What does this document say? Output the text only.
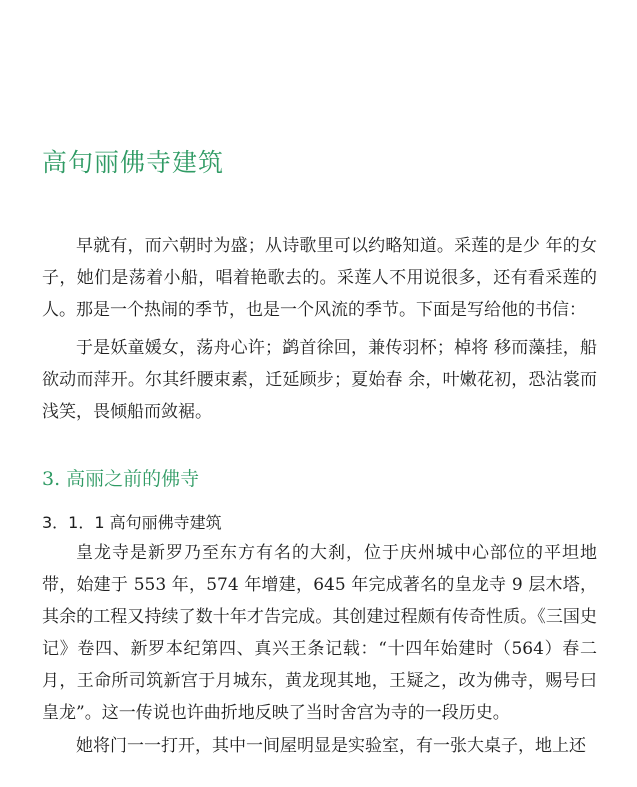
高句丽佛寺建筑

早就有，而六朝时为盛；从诗歌里可以约略知道。采莲的是少 年的女子，她们是荡着小船，唱着艳歌去的。采莲人不用说很多，还有看采莲的人。那是一个热闹的季节，也是一个风流的季节。下面是写给他的书信：

于是妖童媛女，荡舟心许；鹢首徐回，兼传羽杯；棹将 移而藻挂，船欲动而萍开。尔其纤腰束素，迁延顾步；夏始春 余，叶嫩花初，恐沾裳而浅笑，畏倾船而敛裾。

3. 高丽之前的佛寺
3．1．1 高句丽佛寺建筑

皇龙寺是新罗乃至东方有名的大刹，位于庆州城中心部位的平坦地带，始建于 553 年，574 年增建，645 年完成著名的皇龙寺 9 层木塔，其余的工程又持续了数十年才告完成。其创建过程颇有传奇性质。《三国史记》卷四、新罗本纪第四、真兴王条记载：“十四年始建时（564）春二月，王命所司筑新宫于月城东，黄龙现其地，王疑之，改为佛寺，赐号曰皇龙”。这一传说也许曲折地反映了当时舍宫为寺的一段历史。

她将门一一打开，其中一间屋明显是实验室，有一张大桌子，地上还
